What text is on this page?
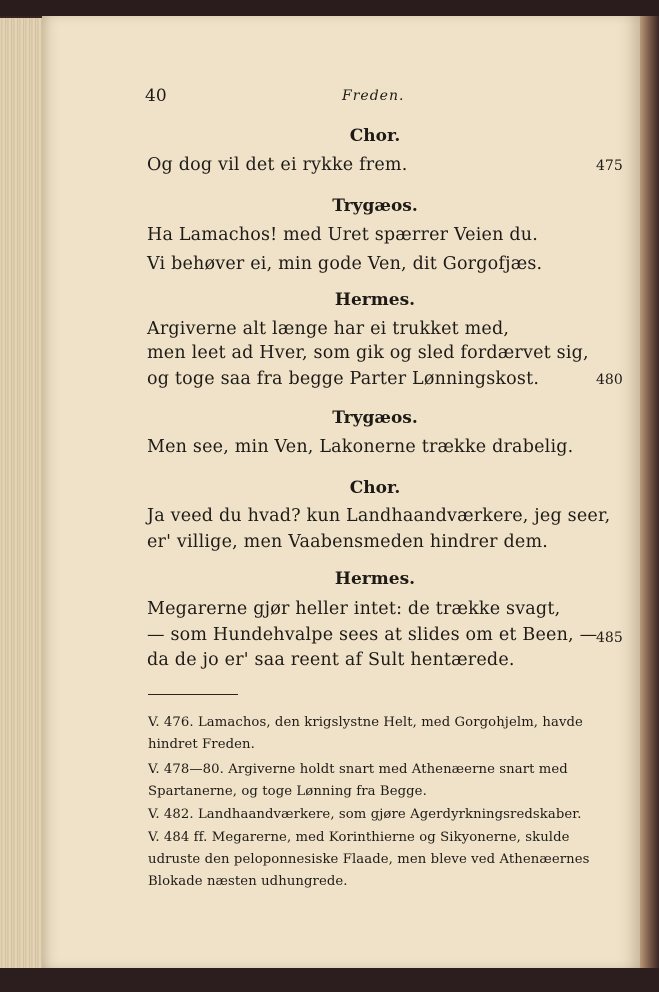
40	Freden.
Chor.
Og dog vil det ei rykke frem.	475
Trygæos.
Ha Lamachos! med Uret spærrer Veien du.
Vi behøver ei, min gode Ven, dit Gorgofjæs.
Hermes.
Argiverne alt længe har ei trukket med,
men leet ad Hver, som gik og sled fordærvet sig,
og toge saa fra begge Parter Lønningskost.	480
Trygæos.
Men see, min Ven, Lakonerne trække drabelig.
Chor.
Ja veed du hvad? kun Landhaandværkere, jeg seer,
er' villige, men Vaabensmeden hindrer dem.
Hermes.
Megarerne gjør heller intet: de trække svagt,
— som Hundehvalpe sees at slides om et Been, —
485
da de jo er' saa reent af Sult hentærede.
V. 476. Lamachos, den krigslystne Helt, med Gorgohjelm, havde
hindret Freden.
V. 478—80. Argiverne holdt snart med Athenæerne snart med
Spartanerne, og toge Lønning fra Begge.
V. 482. Landhaandværkere, som gjøre Agerdyrkningsredskaber.
V. 484 ff. Megarerne, med Korinthierne og Sikyonerne, skulde
udruste den peloponnesiske Flaade, men bleve ved Athenæernes
Blokade næsten udhungrede.
